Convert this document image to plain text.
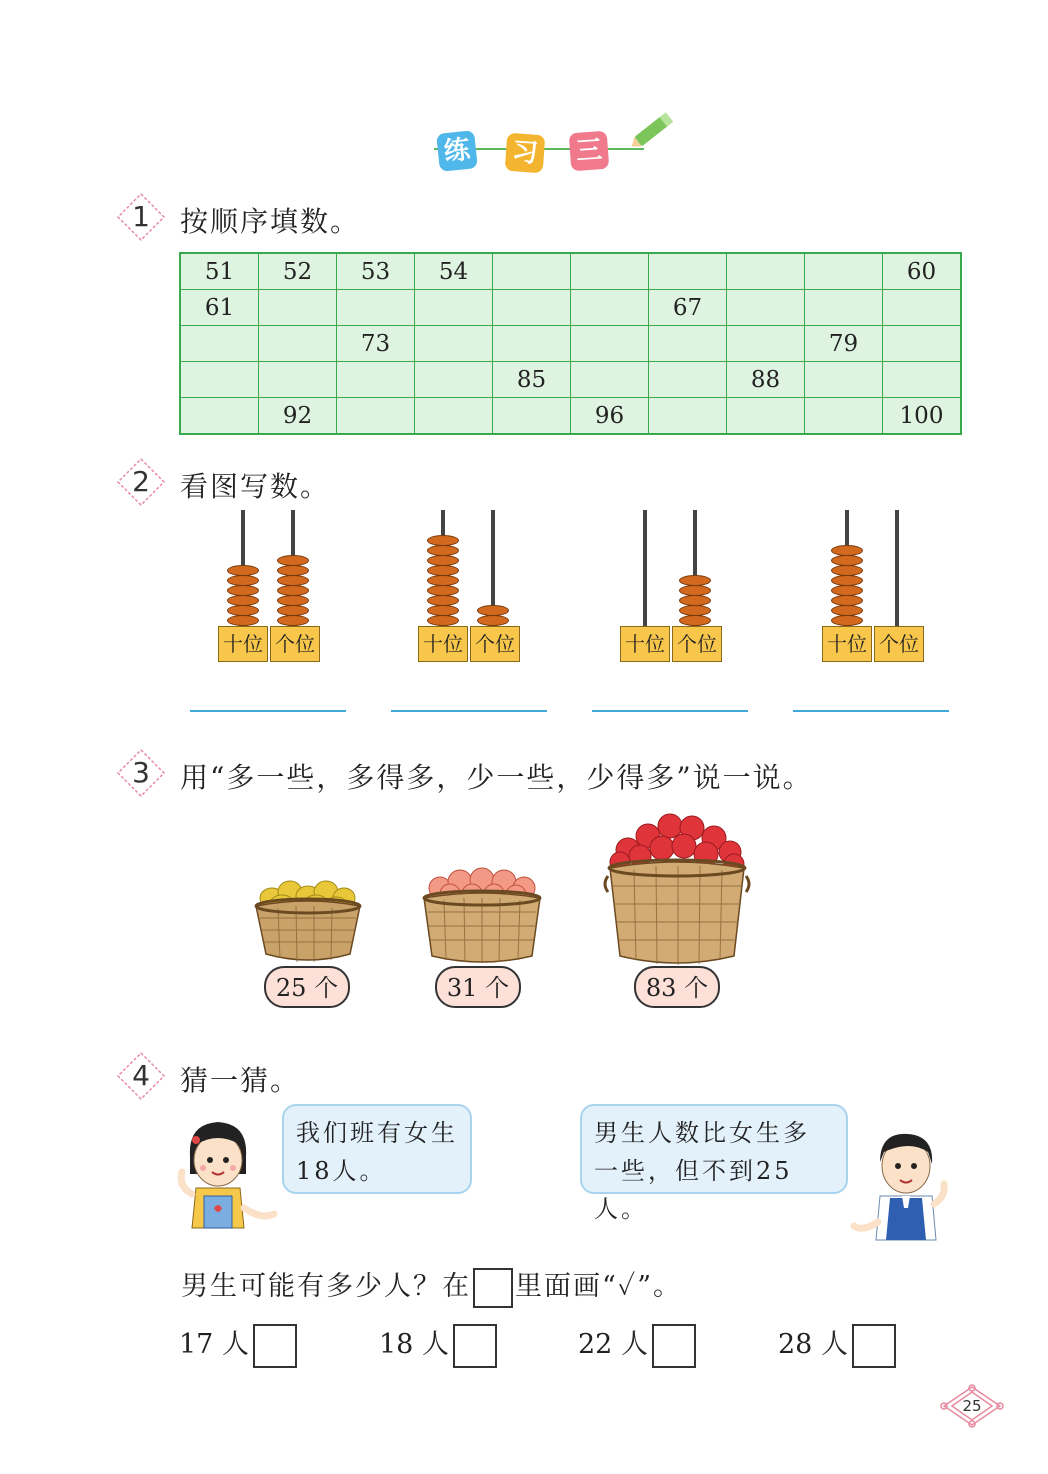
练 习 三
1	按顺序填数。
51	52	53	54						60
61						67			
		73						79	
				85			88		
	92				96				100
2	看图写数。
十位 个位	十位 个位	十位 个位	十位 个位
3	用“多一些，多得多，少一些，少得多”说一说。
25 个	31 个	83 个
4	猜一猜。
我们班有女生
18人。
男生人数比女生多
一些，但不到25人。
男生可能有多少人？在 里面画“✓”。
17 人	18 人	22 人	28 人
25
